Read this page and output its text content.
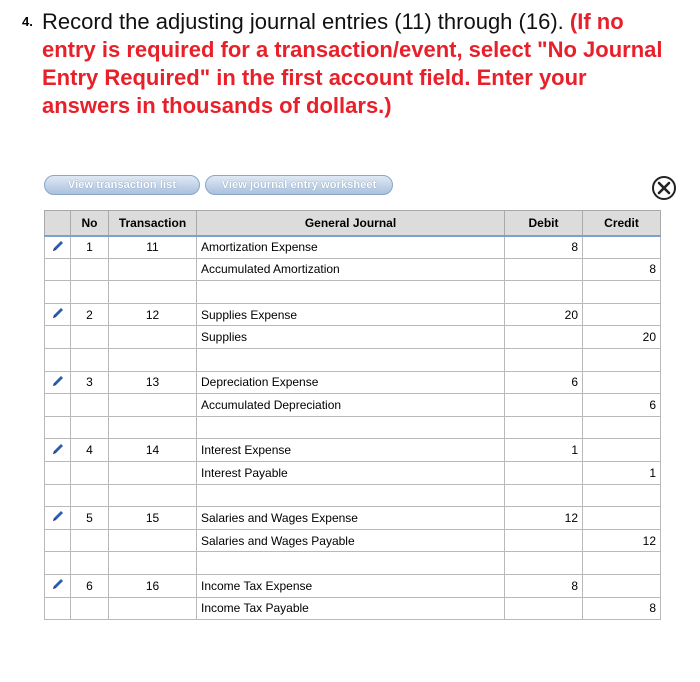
4. Record the adjusting journal entries (11) through (16). (If no entry is required for a transaction/event, select "No Journal Entry Required" in the first account field. Enter your answers in thousands of dollars.)

View transaction list	View journal entry worksheet
	No	Transaction	General Journal	Debit	Credit
	1	11	Amortization Expense	8	
			Accumulated Amortization		8

	2	12	Supplies Expense	20	
			Supplies		20

	3	13	Depreciation Expense	6	
			Accumulated Depreciation		6

	4	14	Interest Expense	1	
			Interest Payable		1

	5	15	Salaries and Wages Expense	12	
			Salaries and Wages Payable		12

	6	16	Income Tax Expense	8	
			Income Tax Payable		8
